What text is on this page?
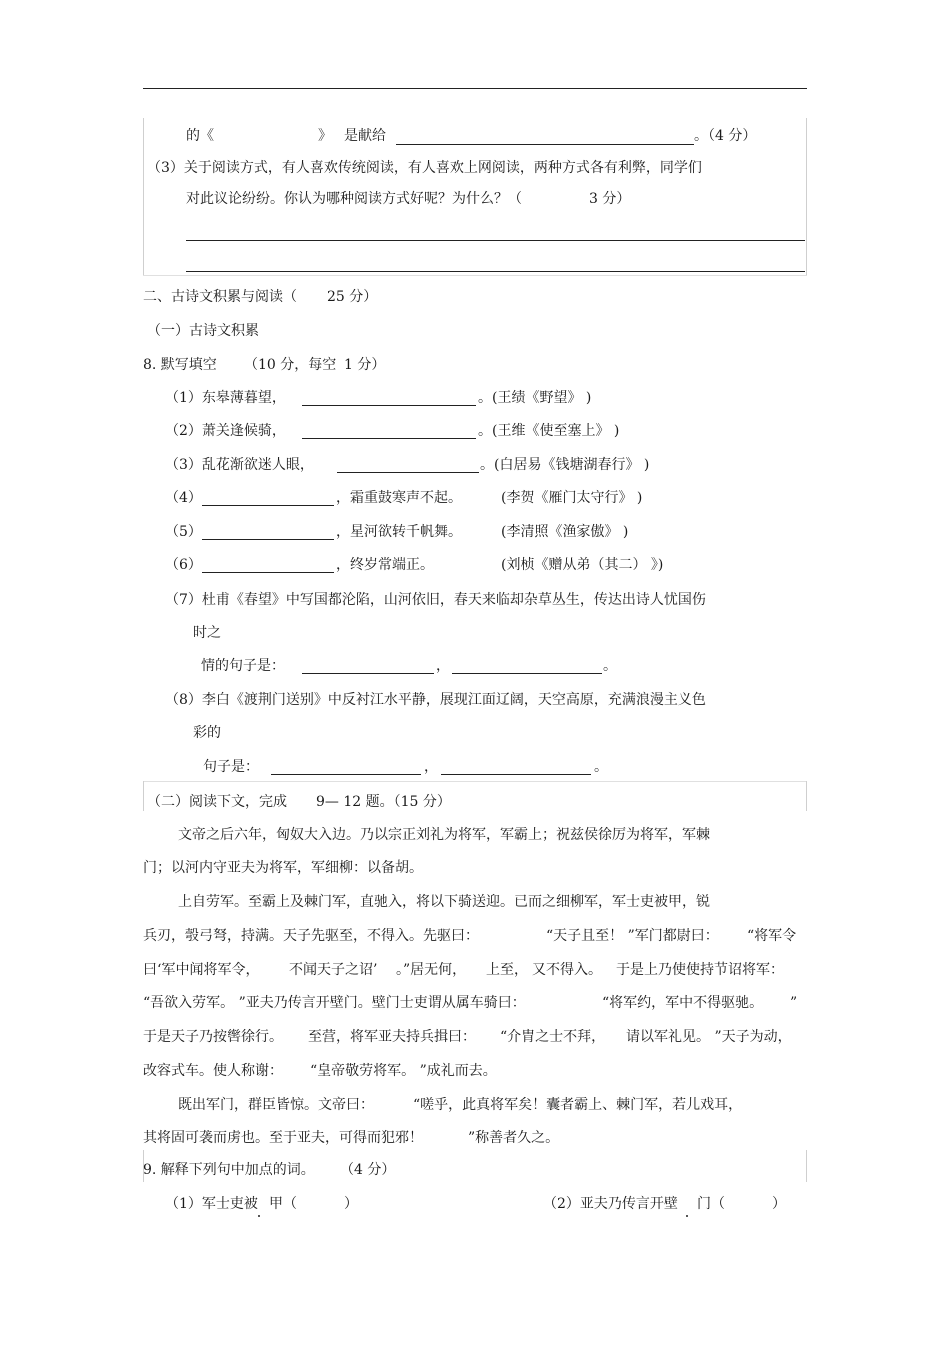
的《	》 是献给	。（4 分）
（3）关于阅读方式，有人喜欢传统阅读，有人喜欢上网阅读，两种方式各有利弊，同学们
对此议论纷纷。你认为哪种阅读方式好呢？为什么？（	3 分）
二、古诗文积累与阅读（ 25 分）
（一）古诗文积累
8. 默写填空 （10 分，每空 1 分）
（1）东皋薄暮望，	。(王绩《野望》 )
（2）萧关逢候骑，	。(王维《使至塞上》 )
（3）乱花渐欲迷人眼，	。(白居易《钱塘湖春行》 )
（4）	，霜重鼓寒声不起。	(李贺《雁门太守行》 )
（5）	，星河欲转千帆舞。	(李清照《渔家傲》 )
（6）	，终岁常端正。	(刘桢《赠从弟（其二） 》)
（7）杜甫《春望》中写国都沦陷，山河依旧，春天来临却杂草丛生，传达出诗人忧国伤
时之
情的句子是：	，	。
（8）李白《渡荆门送别》中反衬江水平静，展现江面辽阔，天空高原，充满浪漫主义色
彩的
句子是：	，	。
（二）阅读下文，完成 9— 12 题。（15 分）
文帝之后六年，匈奴大入边。乃以宗正刘礼为将军，军霸上；祝兹侯徐厉为将军，军棘
门；以河内守亚夫为将军，军细柳：以备胡。
上自劳军。至霸上及棘门军，直驰入，将以下骑送迎。已而之细柳军，军士吏被甲，锐
兵刃，彀弓弩，持满。天子先驱至，不得入。先驱曰：	“天子且至！ ”军门都尉曰： “将军令
曰‘军中闻将军令， 不闻天子之诏’ 。”居无何， 上至， 又不得入。 于是上乃使使持节诏将军：
“吾欲入劳军。 ”亚夫乃传言开壁门。壁门士吏谓从属车骑曰：	“将军约，军中不得驱驰。 ”
于是天子乃按辔徐行。 至营，将军亚夫持兵揖曰： “介胄之士不拜， 请以军礼见。 ”天子为动，
改容式车。使人称谢： “皇帝敬劳将军。 ”成礼而去。
既出军门，群臣皆惊。文帝曰：	“嗟乎，此真将军矣！囊者霸上、棘门军，若儿戏耳，
其将固可袭而虏也。至于亚夫，可得而犯邪！	”称善者久之。
9. 解释下列句中加点的词。 （4 分）
（1）军士吏被 甲（	）	（2）亚夫乃传言开壁 门（	）
